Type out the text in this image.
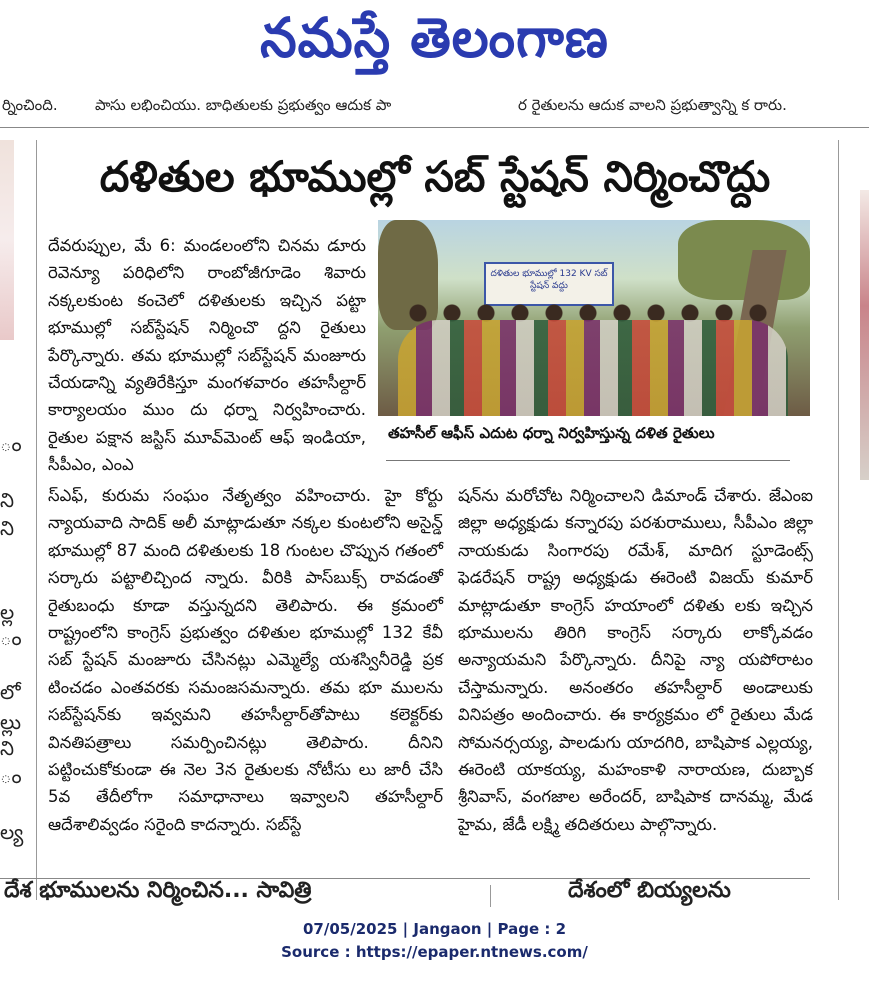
నమస్తే తెలంగాణ
ర్నించింది. పాసు లభించియు. బాధితులకు ప్రభుత్వం ఆదుక పా	ర రైతులను ఆదుక వాలని ప్రభుత్వాన్ని క రారు.
ం
ని
ని
ల్ల
ం
లో
ల్లు
ని
ం
ల్య
దళితుల భూముల్లో సబ్ స్టేషన్ నిర్మించొద్దు
దళితుల భూముల్లో 132 KV సబ్ స్టేషన్ వద్దు
తహసీల్ ఆఫీస్ ఎదుట ధర్నా నిర్వహిస్తున్న దళిత రైతులు
దేవరుప్పుల, మే 6: మండలంలోని చినమ డూరు రెవెన్యూ పరిధిలోని రాంబోజీగూడెం శివారు నక్కలకుంట కంచెలో దళితులకు ఇచ్చిన పట్టా భూముల్లో సబ్‌స్టేషన్ నిర్మించొ ద్దని రైతులు పేర్కొన్నారు. తమ భూముల్లో సబ్‌స్టేషన్ మంజూరు చేయడాన్ని వ్యతిరేకిస్తూ మంగళవారం తహసీల్దార్ కార్యాలయం ముం దు ధర్నా నిర్వహించారు. రైతుల పక్షాన జస్టిస్ మూవ్‌మెంట్ ఆఫ్ ఇండియా, సీపీఎం, ఎంఎ
స్ఎఫ్, కురుమ సంఘం నేతృత్వం వహించారు. హై కోర్టు న్యాయవాది సాదిక్ అలీ మాట్లాడుతూ నక్కల కుంటలోని అసైన్డ్ భూముల్లో 87 మంది దళితులకు 18 గుంటల చొప్పున గతంలో సర్కారు పట్టాలిచ్చింద న్నారు. వీరికి పాస్‌బుక్స్ రావడంతో రైతుబంధు కూడా వస్తున్నదని తెలిపారు. ఈ క్రమంలో రాష్ట్రంలోని కాంగ్రెస్ ప్రభుత్వం దళితుల భూముల్లో 132 కేవీ సబ్ స్టేషన్ మంజూరు చేసినట్లు ఎమ్మెల్యే యశస్వినీరెడ్డి ప్రక టించడం ఎంతవరకు సమంజసమన్నారు. తమ భూ ములను సబ్‌స్టేషన్‌కు ఇవ్వమని తహసీల్దార్‌తోపాటు కలెక్టర్‌కు వినతిపత్రాలు సమర్పించినట్లు తెలిపారు. దీనిని పట్టించుకోకుండా ఈ నెల 3న రైతులకు నోటీసు లు జారీ చేసి 5వ తేదీలోగా సమాధానాలు ఇవ్వాలని తహసీల్దార్ ఆదేశాలివ్వడం సరైంది కాదన్నారు. సబ్‌స్టే
షన్‌ను మరోచోట నిర్మించాలని డిమాండ్ చేశారు. జేఎంఐ జిల్లా అధ్యక్షుడు కన్నారపు పరశురాములు, సీపీఎం జిల్లా నాయకుడు సింగారపు రమేశ్, మాదిగ స్టూడెంట్స్ ఫెడరేషన్ రాష్ట్ర అధ్యక్షుడు ఈరెంటి విజయ్ కుమార్ మాట్లాడుతూ కాంగ్రెస్ హయాంలో దళితు లకు ఇచ్చిన భూములను తిరిగి కాంగ్రెస్ సర్కారు లాక్కోవడం అన్యాయమని పేర్కొన్నారు. దీనిపై న్యా యపోరాటం చేస్తామన్నారు. అనంతరం తహసీల్దార్ అండాలుకు వినిపత్రం అందించారు. ఈ కార్యక్రమం లో రైతులు మేడ సోమనర్సయ్య, పాలడుగు యాదగిరి, బాషిపాక ఎల్లయ్య, ఈరెంటి యాకయ్య, మహంకాళి నారాయణ, దుబ్బాక శ్రీనివాస్, వంగజాల అరేందర్, బాషిపాక దానమ్మ, మేడ హైమ, జేడీ లక్ష్మి తదితరులు పాల్గొన్నారు.
దేశ భూములను నిర్మించిన... సావిత్రి	దేశంలో బియ్యలను
07/05/2025 | Jangaon | Page : 2
Source : https://epaper.ntnews.com/
